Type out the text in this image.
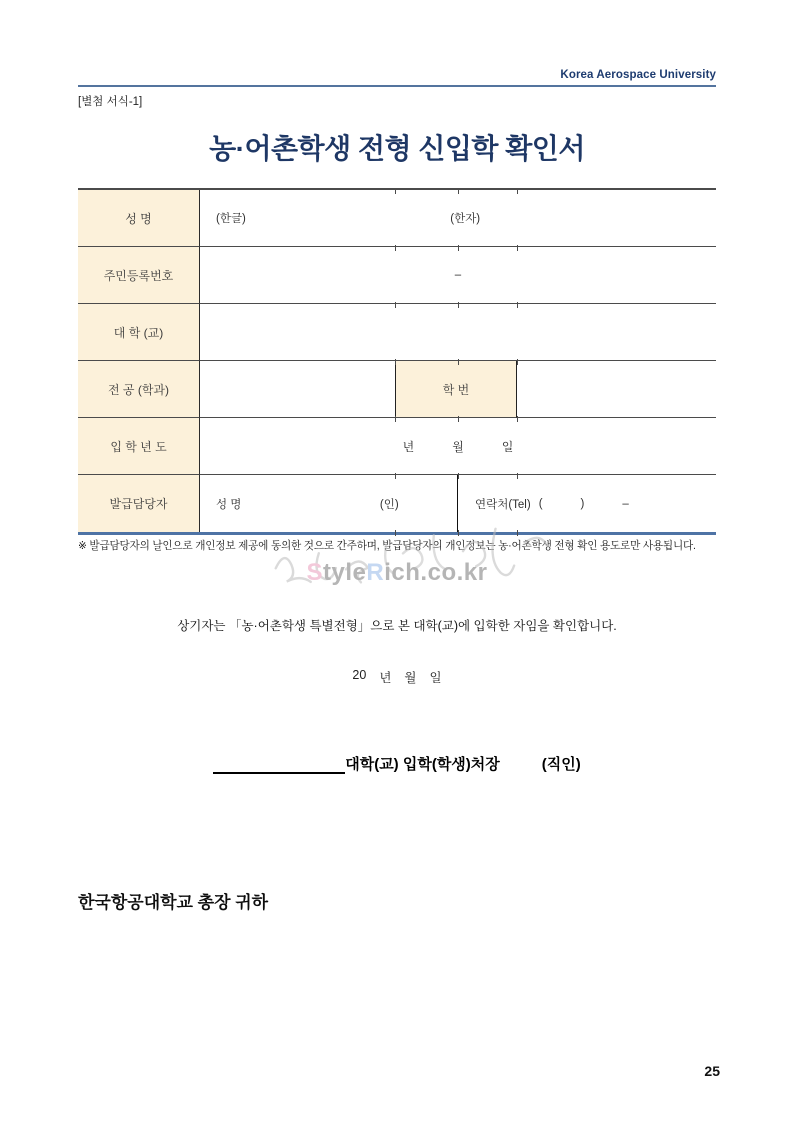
Korea Aerospace University
[별첨 서식-1]
농·어촌학생 전형 신입학 확인서
성 명	(한글)	(한자)
주민등록번호	–
대 학 (교)
전 공 (학과)	학 번
입 학 년 도	년	월	일
발급담당자	성 명	(인)	연락처(Tel) (	)	–
※ 발급담당자의 날인으로 개인정보 제공에 동의한 것으로 간주하며, 발급담당자의 개인정보는 농·어촌학생 전형 확인 용도로만 사용됩니다.
StyleRich.co.kr
상기자는 「농·어촌학생 특별전형」으로 본 대학(교)에 입학한 자임을 확인합니다.
20 년 월 일
대학(교) 입학(학생)처장	(직인)
한국항공대학교 총장 귀하
25
